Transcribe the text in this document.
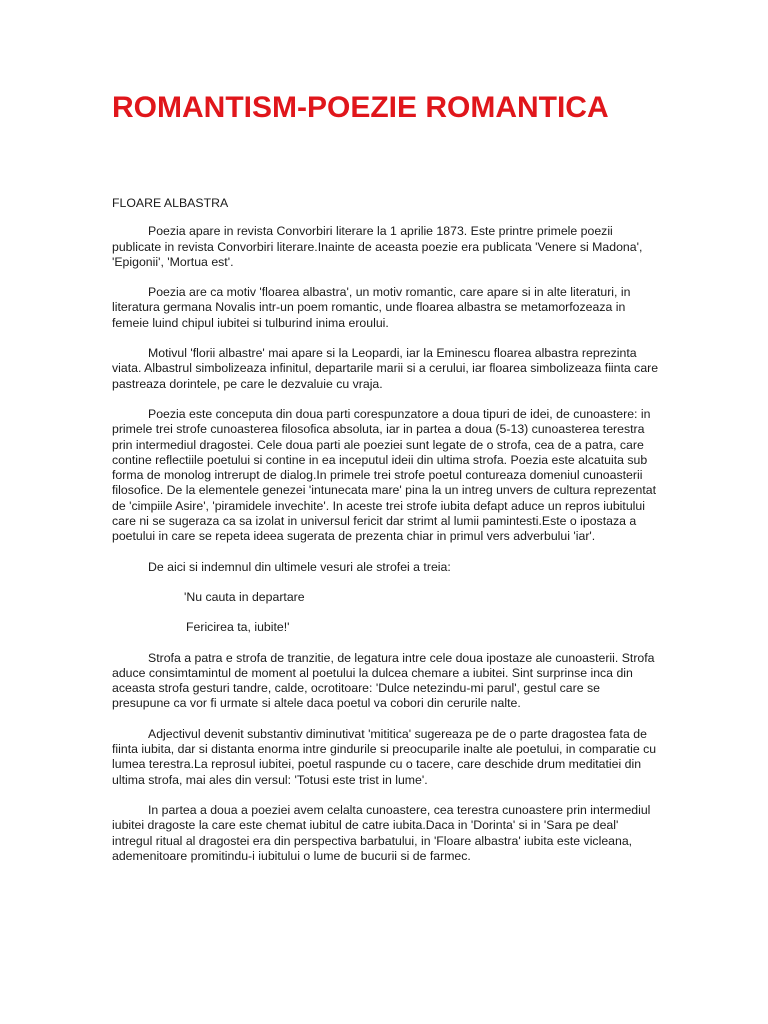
ROMANTISM-POEZIE ROMANTICA

FLOARE ALBASTRA

Poezia apare in revista Convorbiri literare la 1 aprilie 1873. Este printre primele poezii publicate in revista Convorbiri literare.Inainte de aceasta poezie era publicata 'Venere si Madona', 'Epigonii', 'Mortua est'.

Poezia are ca motiv 'floarea albastra', un motiv romantic, care apare si in alte literaturi, in literatura germana Novalis intr-un poem romantic, unde floarea albastra se metamorfozeaza in femeie luind chipul iubitei si tulburind inima eroului.

Motivul 'florii albastre' mai apare si la Leopardi, iar la Eminescu floarea albastra reprezinta viata. Albastrul simbolizeaza infinitul, departarile marii si a cerului, iar floarea simbolizeaza fiinta care pastreaza dorintele, pe care le dezvaluie cu vraja.

Poezia este conceputa din doua parti corespunzatore a doua tipuri de idei, de cunoastere: in primele trei strofe cunoasterea filosofica absoluta, iar in partea a doua (5-13) cunoasterea terestra prin intermediul dragostei. Cele doua parti ale poeziei sunt legate de o strofa, cea de a patra, care contine reflectiile poetului si contine in ea inceputul ideii din ultima strofa. Poezia este alcatuita sub forma de monolog intrerupt de dialog.In primele trei strofe poetul contureaza domeniul cunoasterii filosofice. De la elementele genezei 'intunecata mare' pina la un intreg unvers de cultura reprezentat de 'cimpiile Asire', 'piramidele invechite'. In aceste trei strofe iubita defapt aduce un repros iubitului care ni se sugeraza ca sa izolat in universul fericit dar strimt al lumii pamintesti.Este o ipostaza a poetului in care se repeta ideea sugerata de prezenta chiar in primul vers adverbului 'iar'.

De aici si indemnul din ultimele vesuri ale strofei a treia:

'Nu cauta in departare

Fericirea ta, iubite!'

Strofa a patra e strofa de tranzitie, de legatura intre cele doua ipostaze ale cunoasterii. Strofa aduce consimtamintul de moment al poetului la dulcea chemare a iubitei. Sint surprinse inca din aceasta strofa gesturi tandre, calde, ocrotitoare: 'Dulce netezindu-mi parul', gestul care se presupune ca vor fi urmate si altele daca poetul va cobori din cerurile nalte.

Adjectivul devenit substantiv diminutivat 'mititica' sugereaza pe de o parte dragostea fata de fiinta iubita, dar si distanta enorma intre gindurile si preocuparile inalte ale poetului, in comparatie cu lumea terestra.La reprosul iubitei, poetul raspunde cu o tacere, care deschide drum meditatiei din ultima strofa, mai ales din versul: 'Totusi este trist in lume'.

In partea a doua a poeziei avem celalta cunoastere, cea terestra cunoastere prin intermediul iubitei dragoste la care este chemat iubitul de catre iubita.Daca in 'Dorinta' si in 'Sara pe deal' intregul ritual al dragostei era din perspectiva barbatului, in 'Floare albastra' iubita este vicleana, ademenitoare promitindu-i iubitului o lume de bucurii si de farmec.
